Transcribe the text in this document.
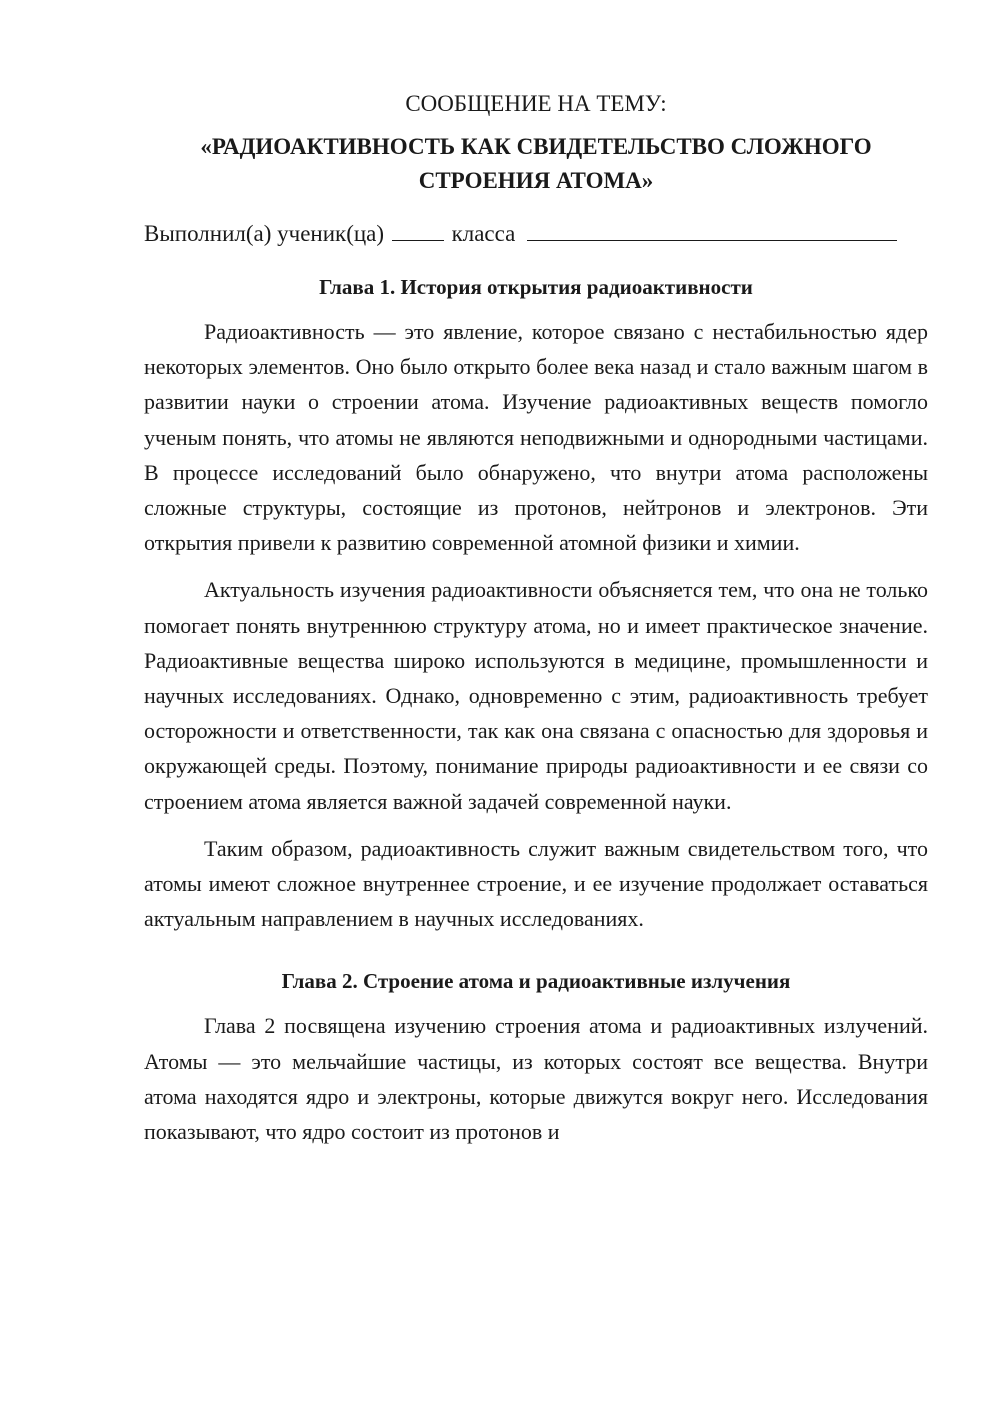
СООБЩЕНИЕ НА ТЕМУ:

«РАДИОАКТИВНОСТЬ КАК СВИДЕТЕЛЬСТВО СЛОЖНОГО
СТРОЕНИЯ АТОМА»

Выполнил(а) ученик(ца)	класса

Глава 1. История открытия радиоактивности

Радиоактивность — это явление, которое связано с нестабильностью ядер некоторых элементов. Оно было открыто более века назад и стало важным шагом в развитии науки о строении атома. Изучение радиоактивных веществ помогло ученым понять, что атомы не являются неподвижными и однородными частицами. В процессе исследований было обнаружено, что внутри атома расположены сложные структуры, состоящие из протонов, нейтронов и электронов. Эти открытия привели к развитию современной атомной физики и химии.

Актуальность изучения радиоактивности объясняется тем, что она не только помогает понять внутреннюю структуру атома, но и имеет практическое значение. Радиоактивные вещества широко используются в медицине, промышленности и научных исследованиях. Однако, одновременно с этим, радиоактивность требует осторожности и ответственности, так как она связана с опасностью для здоровья и окружающей среды. Поэтому, понимание природы радиоактивности и ее связи со строением атома является важной задачей современной науки.

Таким образом, радиоактивность служит важным свидетельством того, что атомы имеют сложное внутреннее строение, и ее изучение продолжает оставаться актуальным направлением в научных исследованиях.

Глава 2. Строение атома и радиоактивные излучения

Глава 2 посвящена изучению строения атома и радиоактивных излучений. Атомы — это мельчайшие частицы, из которых состоят все вещества. Внутри атома находятся ядро и электроны, которые движутся вокруг него. Исследования показывают, что ядро состоит из протонов и
